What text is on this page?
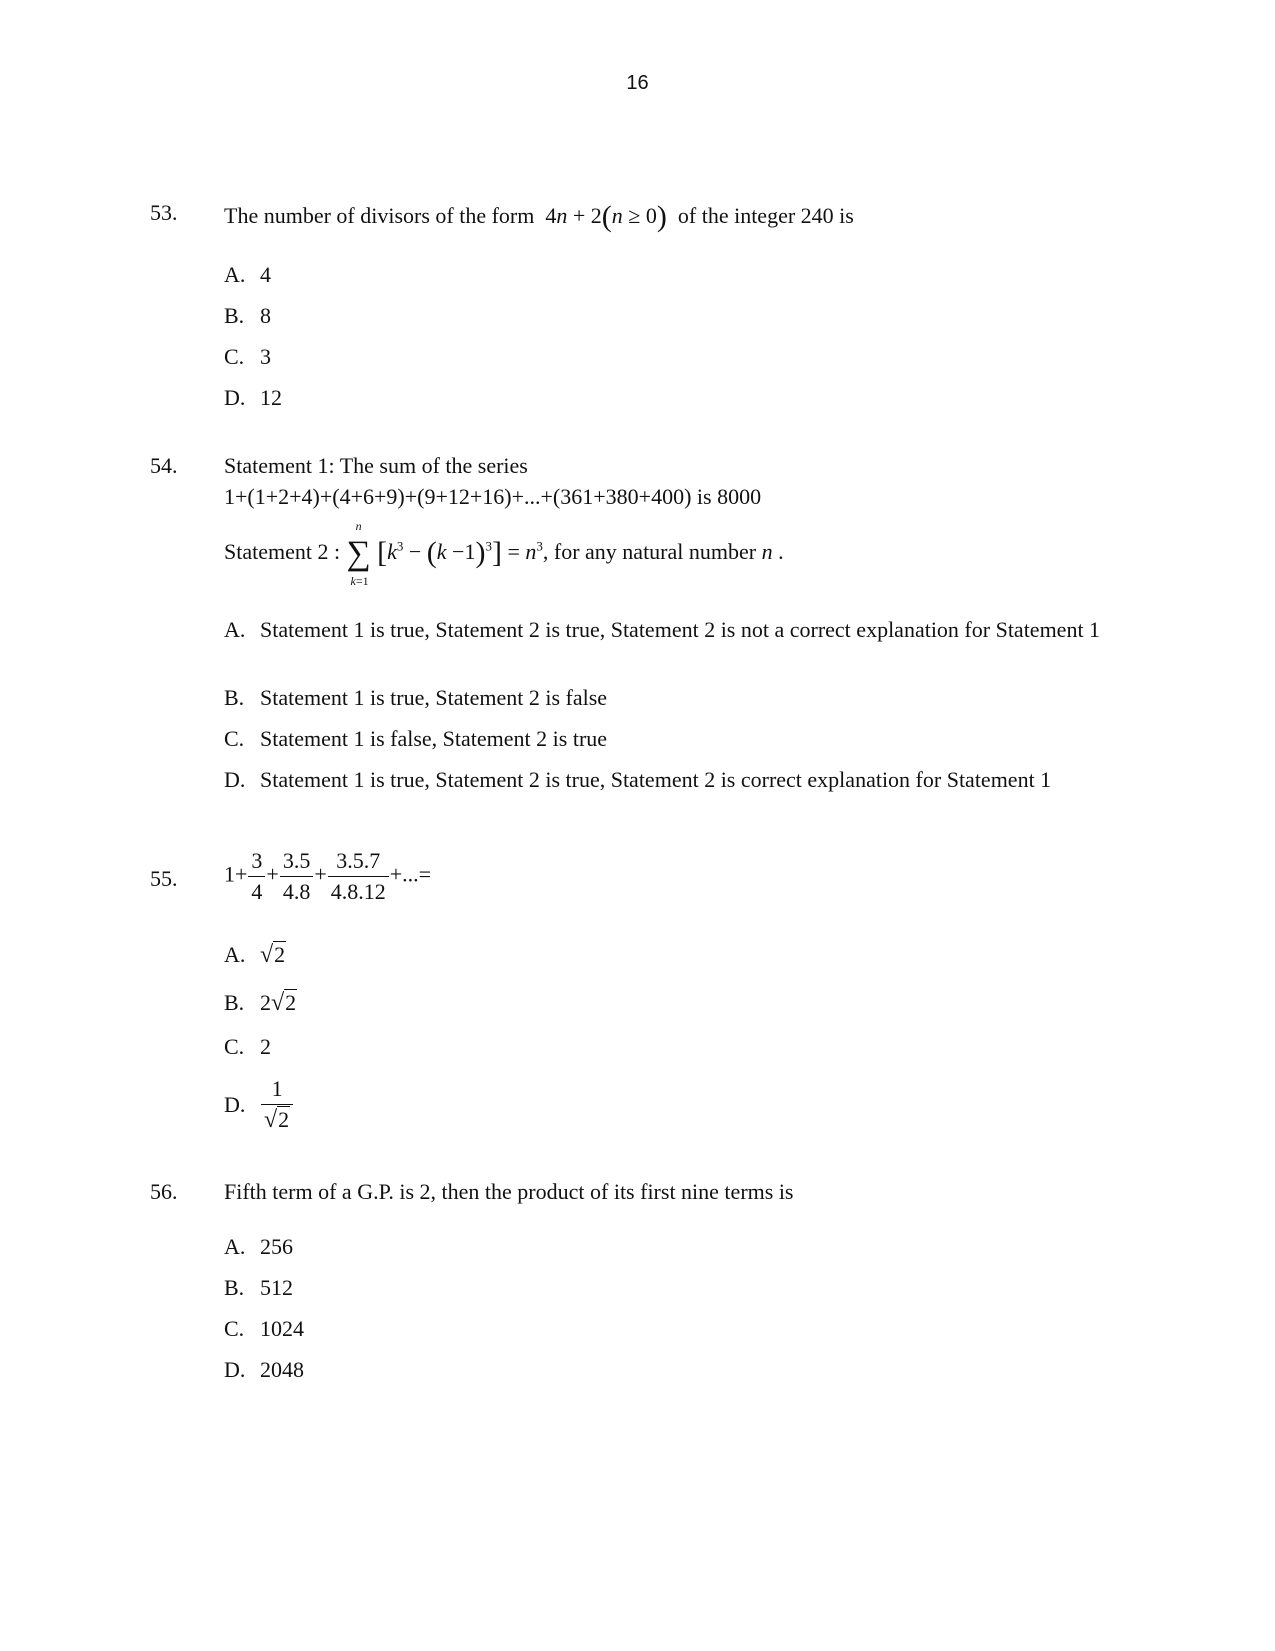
16
53. The number of divisors of the form  4n + 2(n ≥ 0) of the integer 240 is
A. 4
B. 8
C. 3
D. 12
54. Statement 1: The sum of the series
1+(1+2+4)+(4+6+9)+(9+12+16)+...+(361+380+400) is 8000
Statement 2 :
n
∑
k=1
$[k^3 - (k -1)^3] = n^3$, for any natural number n .
A. Statement 1 is true, Statement 2 is true, Statement 2 is not a correct explanation for Statement 1
B. Statement 1 is true, Statement 2 is false
C. Statement 1 is false, Statement 2 is true
D. Statement 1 is true, Statement 2 is true, Statement 2 is correct explanation for Statement 1
55. $1+ \frac{3}{4} + \frac{3.5}{4.8} + \frac{3.5.7}{4.8.12}$ +...=
A. √2
B. 2√2
C. 2
D. $\frac{1}{√2}$
56. Fifth term of a G.P. is 2, then the product of its first nine terms is
A. 256
B. 512
C. 1024
D. 2048
